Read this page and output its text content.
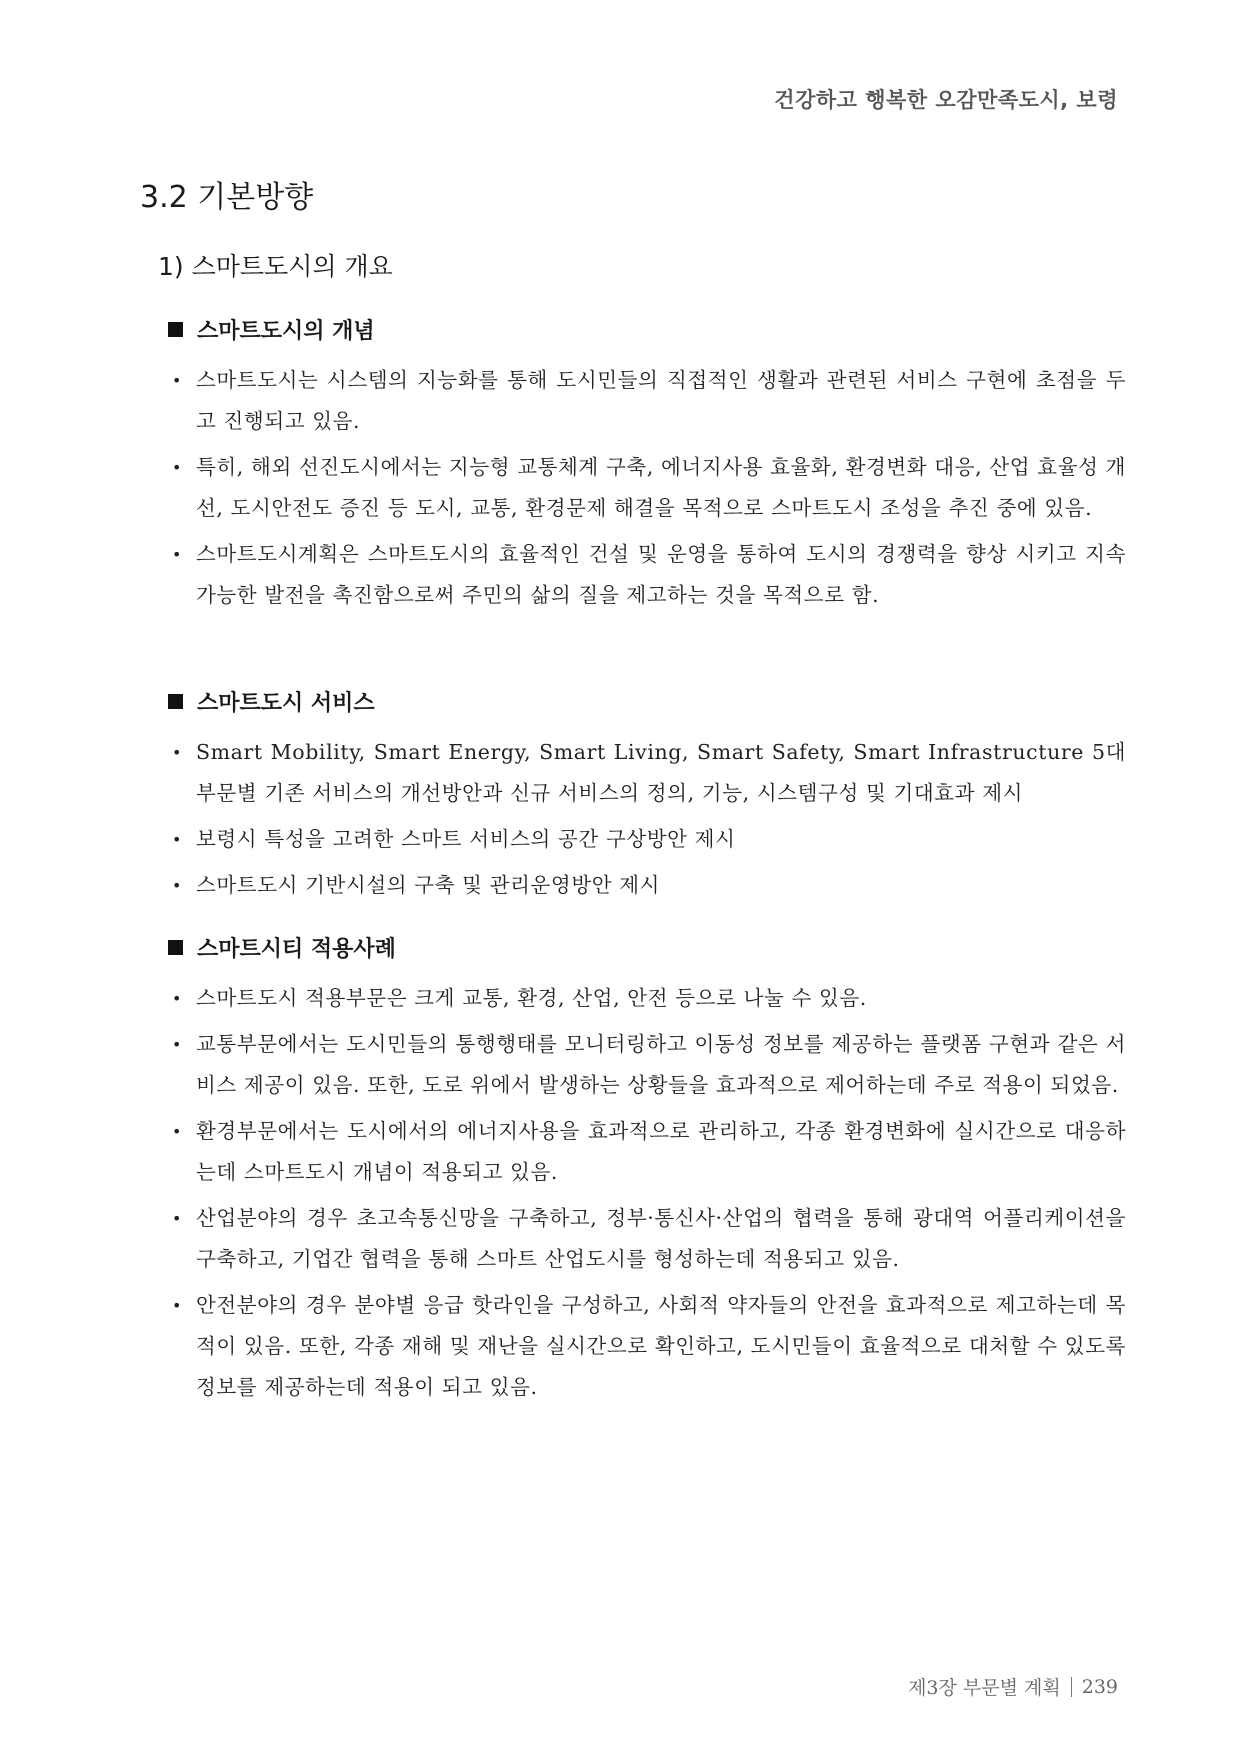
건강하고 행복한 오감만족도시, 보령
3.2 기본방향
1) 스마트도시의 개요
스마트도시의 개념
• 스마트도시는 시스템의 지능화를 통해 도시민들의 직접적인 생활과 관련된 서비스 구현에 초점을 두고 진행되고 있음.
• 특히, 해외 선진도시에서는 지능형 교통체계 구축, 에너지사용 효율화, 환경변화 대응, 산업 효율성 개선, 도시안전도 증진 등 도시, 교통, 환경문제 해결을 목적으로 스마트도시 조성을 추진 중에 있음.
• 스마트도시계획은 스마트도시의 효율적인 건설 및 운영을 통하여 도시의 경쟁력을 향상 시키고 지속가능한 발전을 촉진함으로써 주민의 삶의 질을 제고하는 것을 목적으로 함.
스마트도시 서비스
• Smart Mobility, Smart Energy, Smart Living, Smart Safety, Smart Infrastructure 5대 부문별 기존 서비스의 개선방안과 신규 서비스의 정의, 기능, 시스템구성 및 기대효과 제시
• 보령시 특성을 고려한 스마트 서비스의 공간 구상방안 제시
• 스마트도시 기반시설의 구축 및 관리운영방안 제시
스마트시티 적용사례
• 스마트도시 적용부문은 크게 교통, 환경, 산업, 안전 등으로 나눌 수 있음.
• 교통부문에서는 도시민들의 통행행태를 모니터링하고 이동성 정보를 제공하는 플랫폼 구현과 같은 서비스 제공이 있음. 또한, 도로 위에서 발생하는 상황들을 효과적으로 제어하는데 주로 적용이 되었음.
• 환경부문에서는 도시에서의 에너지사용을 효과적으로 관리하고, 각종 환경변화에 실시간으로 대응하는데 스마트도시 개념이 적용되고 있음.
• 산업분야의 경우 초고속통신망을 구축하고, 정부·통신사·산업의 협력을 통해 광대역 어플리케이션을 구축하고, 기업간 협력을 통해 스마트 산업도시를 형성하는데 적용되고 있음.
• 안전분야의 경우 분야별 응급 핫라인을 구성하고, 사회적 약자들의 안전을 효과적으로 제고하는데 목적이 있음. 또한, 각종 재해 및 재난을 실시간으로 확인하고, 도시민들이 효율적으로 대처할 수 있도록 정보를 제공하는데 적용이 되고 있음.
제3장 부문별 계획 239
